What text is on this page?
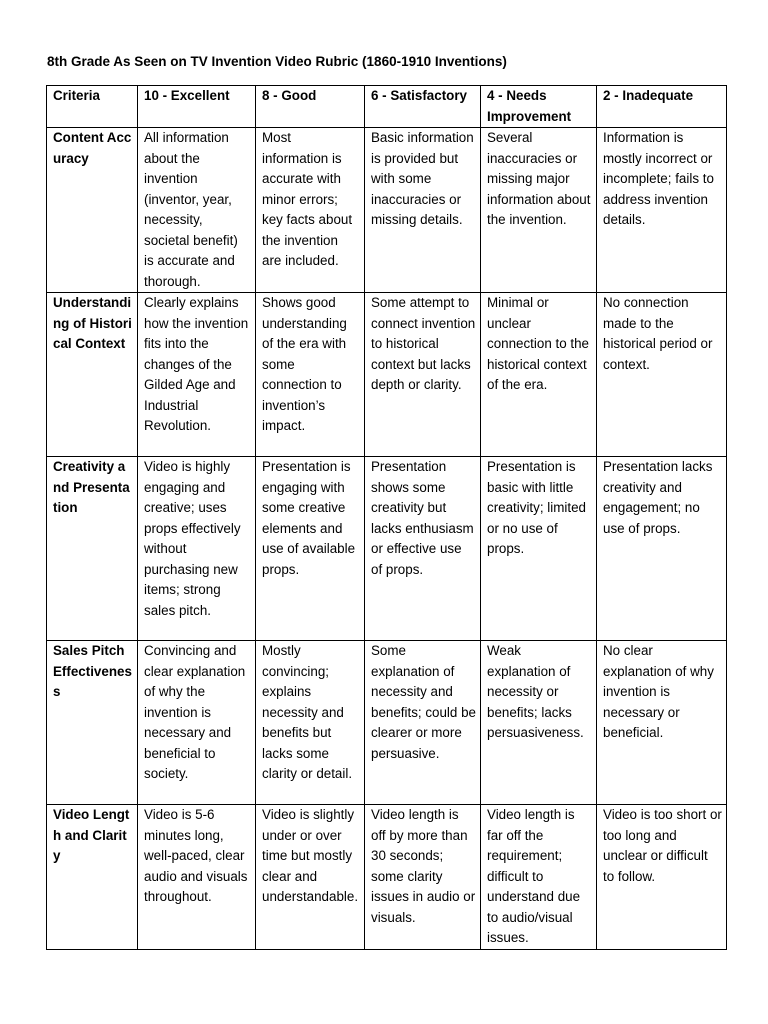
8th Grade As Seen on TV Invention Video Rubric (1860-1910 Inventions)
Criteria	10 - Excellent	8 - Good	6 - Satisfactory	4 - Needs Improvement	2 - Inadequate
Content Accuracy	All information about the invention (inventor, year, necessity, societal benefit) is accurate and thorough.	Most information is accurate with minor errors; key facts about the invention are included.	Basic information is provided but with some inaccuracies or missing details.	Several inaccuracies or missing major information about the invention.	Information is mostly incorrect or incomplete; fails to address invention details.
Understanding of Historical Context	Clearly explains how the invention fits into the changes of the Gilded Age and Industrial Revolution.	Shows good understanding of the era with some connection to invention’s impact.	Some attempt to connect invention to historical context but lacks depth or clarity.	Minimal or unclear connection to the historical context of the era.	No connection made to the historical period or context.
Creativity and Presentation	Video is highly engaging and creative; uses props effectively without purchasing new items; strong sales pitch.	Presentation is engaging with some creative elements and use of available props.	Presentation shows some creativity but lacks enthusiasm or effective use of props.	Presentation is basic with little creativity; limited or no use of props.	Presentation lacks creativity and engagement; no use of props.
Sales Pitch Effectiveness	Convincing and clear explanation of why the invention is necessary and beneficial to society.	Mostly convincing; explains necessity and benefits but lacks some clarity or detail.	Some explanation of necessity and benefits; could be clearer or more persuasive.	Weak explanation of necessity or benefits; lacks persuasiveness.	No clear explanation of why invention is necessary or beneficial.
Video Length and Clarity	Video is 5-6 minutes long, well-paced, clear audio and visuals throughout.	Video is slightly under or over time but mostly clear and understandable.	Video length is off by more than 30 seconds; some clarity issues in audio or visuals.	Video length is far off the requirement; difficult to understand due to audio/visual issues.	Video is too short or too long and unclear or difficult to follow.
